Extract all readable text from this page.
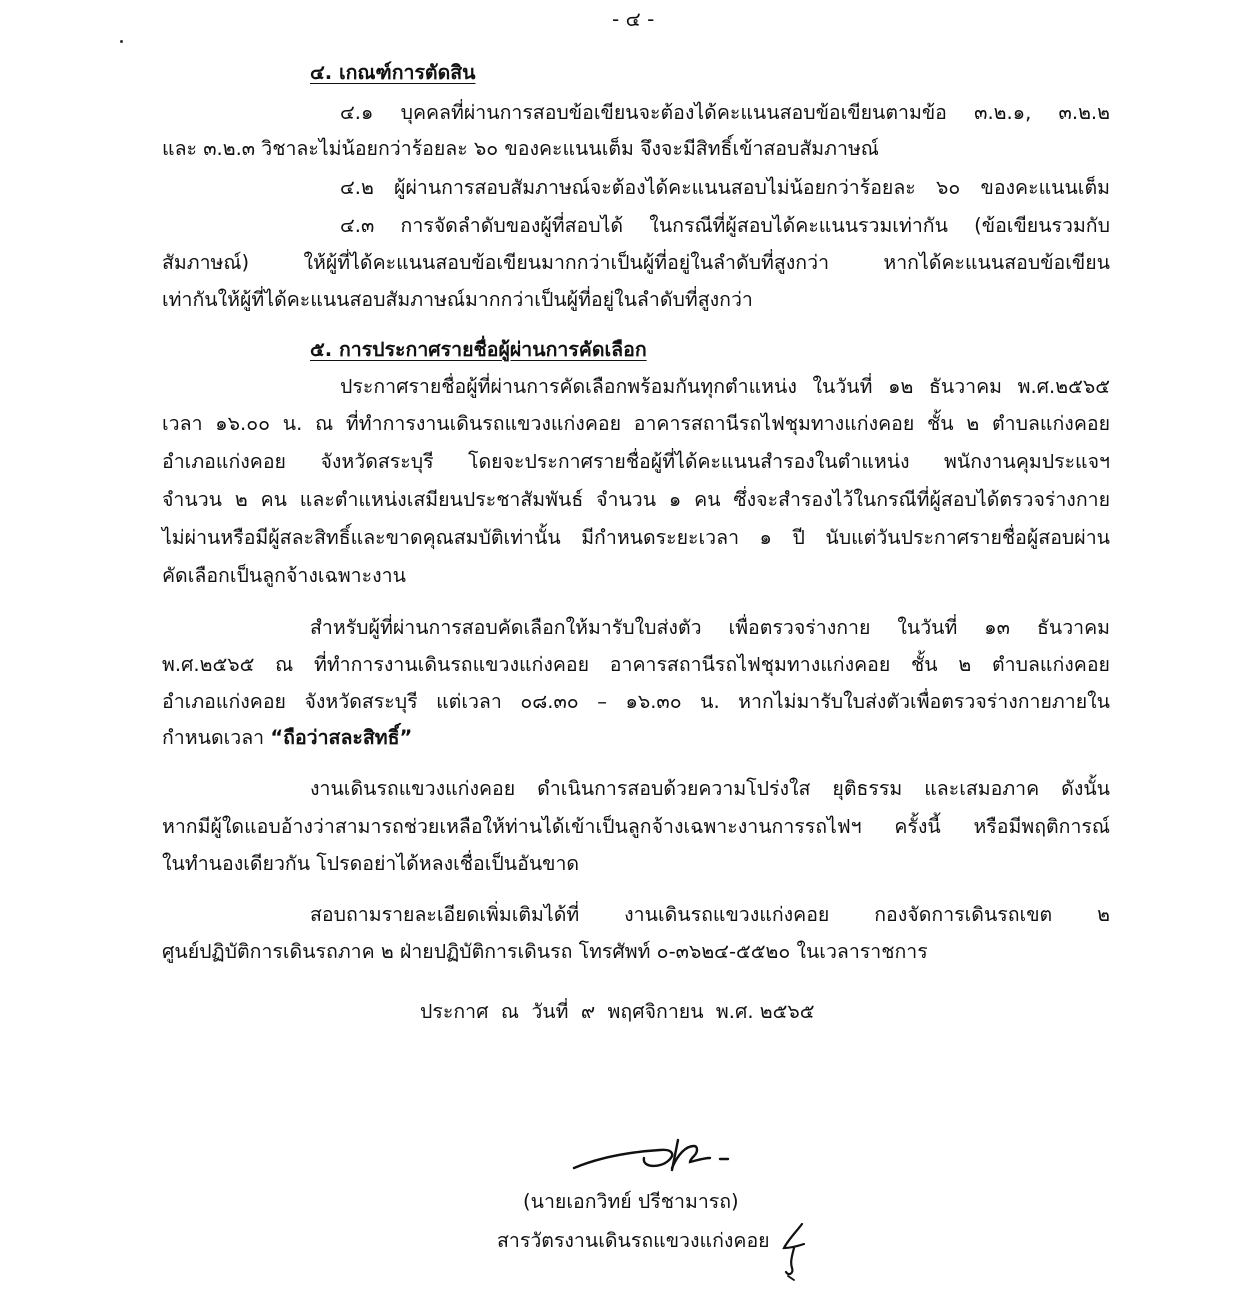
- ๔ -

๔. เกณฑ์การตัดสิน

๔.๑ บุคคลที่ผ่านการสอบข้อเขียนจะต้องได้คะแนนสอบข้อเขียนตามข้อ ๓.๒.๑, ๓.๒.๒

และ ๓.๒.๓ วิชาละไม่น้อยกว่าร้อยละ ๖๐ ของคะแนนเต็ม จึงจะมีสิทธิ์เข้าสอบสัมภาษณ์

๔.๒ ผู้ผ่านการสอบสัมภาษณ์จะต้องได้คะแนนสอบไม่น้อยกว่าร้อยละ ๖๐ ของคะแนนเต็ม

๔.๓ การจัดลำดับของผู้ที่สอบได้ ในกรณีที่ผู้สอบได้คะแนนรวมเท่ากัน (ข้อเขียนรวมกับ

สัมภาษณ์) ให้ผู้ที่ได้คะแนนสอบข้อเขียนมากกว่าเป็นผู้ที่อยู่ในลำดับที่สูงกว่า หากได้คะแนนสอบข้อเขียน

เท่ากันให้ผู้ที่ได้คะแนนสอบสัมภาษณ์มากกว่าเป็นผู้ที่อยู่ในลำดับที่สูงกว่า

๕. การประกาศรายชื่อผู้ผ่านการคัดเลือก

ประกาศรายชื่อผู้ที่ผ่านการคัดเลือกพร้อมกันทุกตำแหน่ง ในวันที่ ๑๒ ธันวาคม พ.ศ.๒๕๖๕

เวลา ๑๖.๐๐ น. ณ ที่ทำการงานเดินรถแขวงแก่งคอย อาคารสถานีรถไฟชุมทางแก่งคอย ชั้น ๒ ตำบลแก่งคอย

อำเภอแก่งคอย จังหวัดสระบุรี โดยจะประกาศรายชื่อผู้ที่ได้คะแนนสำรองในตำแหน่ง พนักงานคุมประแจฯ

จำนวน ๒ คน และตำแหน่งเสมียนประชาสัมพันธ์ จำนวน ๑ คน ซึ่งจะสำรองไว้ในกรณีที่ผู้สอบได้ตรวจร่างกาย

ไม่ผ่านหรือมีผู้สละสิทธิ์และขาดคุณสมบัติเท่านั้น มีกำหนดระยะเวลา ๑ ปี นับแต่วันประกาศรายชื่อผู้สอบผ่าน

คัดเลือกเป็นลูกจ้างเฉพาะงาน

สำหรับผู้ที่ผ่านการสอบคัดเลือกให้มารับใบส่งตัว เพื่อตรวจร่างกาย ในวันที่ ๑๓ ธันวาคม

พ.ศ.๒๕๖๕ ณ ที่ทำการงานเดินรถแขวงแก่งคอย อาคารสถานีรถไฟชุมทางแก่งคอย ชั้น ๒ ตำบลแก่งคอย

อำเภอแก่งคอย จังหวัดสระบุรี แต่เวลา ๐๘.๓๐ – ๑๖.๓๐ น. หากไม่มารับใบส่งตัวเพื่อตรวจร่างกายภายใน

กำหนดเวลา “ถือว่าสละสิทธิ์”

งานเดินรถแขวงแก่งคอย ดำเนินการสอบด้วยความโปร่งใส ยุติธรรม และเสมอภาค ดังนั้น

หากมีผู้ใดแอบอ้างว่าสามารถช่วยเหลือให้ท่านได้เข้าเป็นลูกจ้างเฉพาะงานการรถไฟฯ ครั้งนี้ หรือมีพฤติการณ์

ในทำนองเดียวกัน โปรดอย่าได้หลงเชื่อเป็นอันขาด

สอบถามรายละเอียดเพิ่มเติมได้ที่ งานเดินรถแขวงแก่งคอย กองจัดการเดินรถเขต ๒

ศูนย์ปฏิบัติการเดินรถภาค ๒ ฝ่ายปฏิบัติการเดินรถ โทรศัพท์ ๐-๓๖๒๔-๕๕๒๐ ในเวลาราชการ

ประกาศ  ณ  วันที่  ๙  พฤศจิกายน  พ.ศ. ๒๕๖๕

(นายเอกวิทย์ ปรีชามารถ)

สารวัตรงานเดินรถแขวงแก่งคอย
